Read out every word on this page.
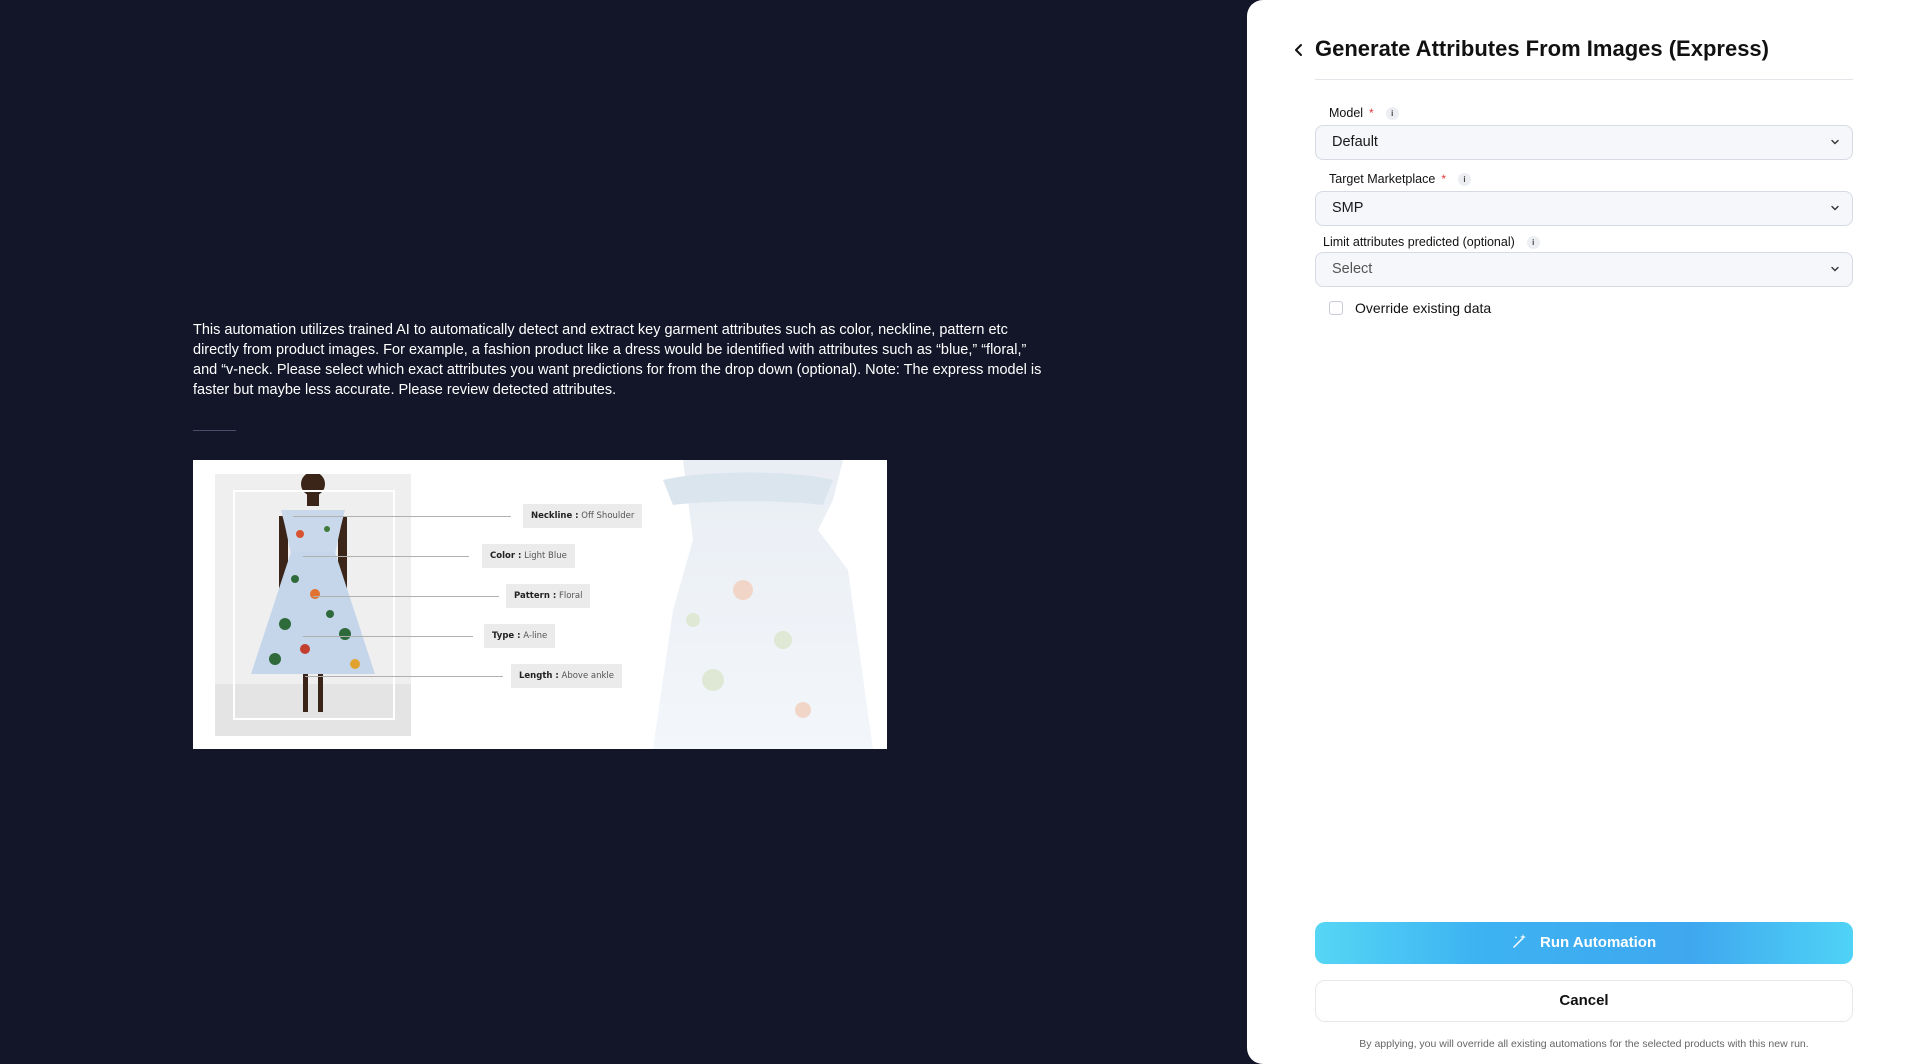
This automation utilizes trained AI to automatically detect and extract key garment attributes such as color, neckline, pattern etc directly from product images. For example, a fashion product like a dress would be identified with attributes such as “blue,” “floral,” and “v-neck. Please select which exact attributes you want predictions for from the drop down (optional). Note: The express model is faster but maybe less accurate. Please review detected attributes.

Neckline : Off Shoulder
Color : Light Blue
Pattern : Floral
Type : A-line
Length : Above ankle
Generate Attributes From Images (Express)
Model *	i
Default
Target Marketplace *	i
SMP
Limit attributes predicted (optional)	i
Select
Override existing data
Run Automation
Cancel

By applying, you will override all existing automations for the selected products with this new run.
